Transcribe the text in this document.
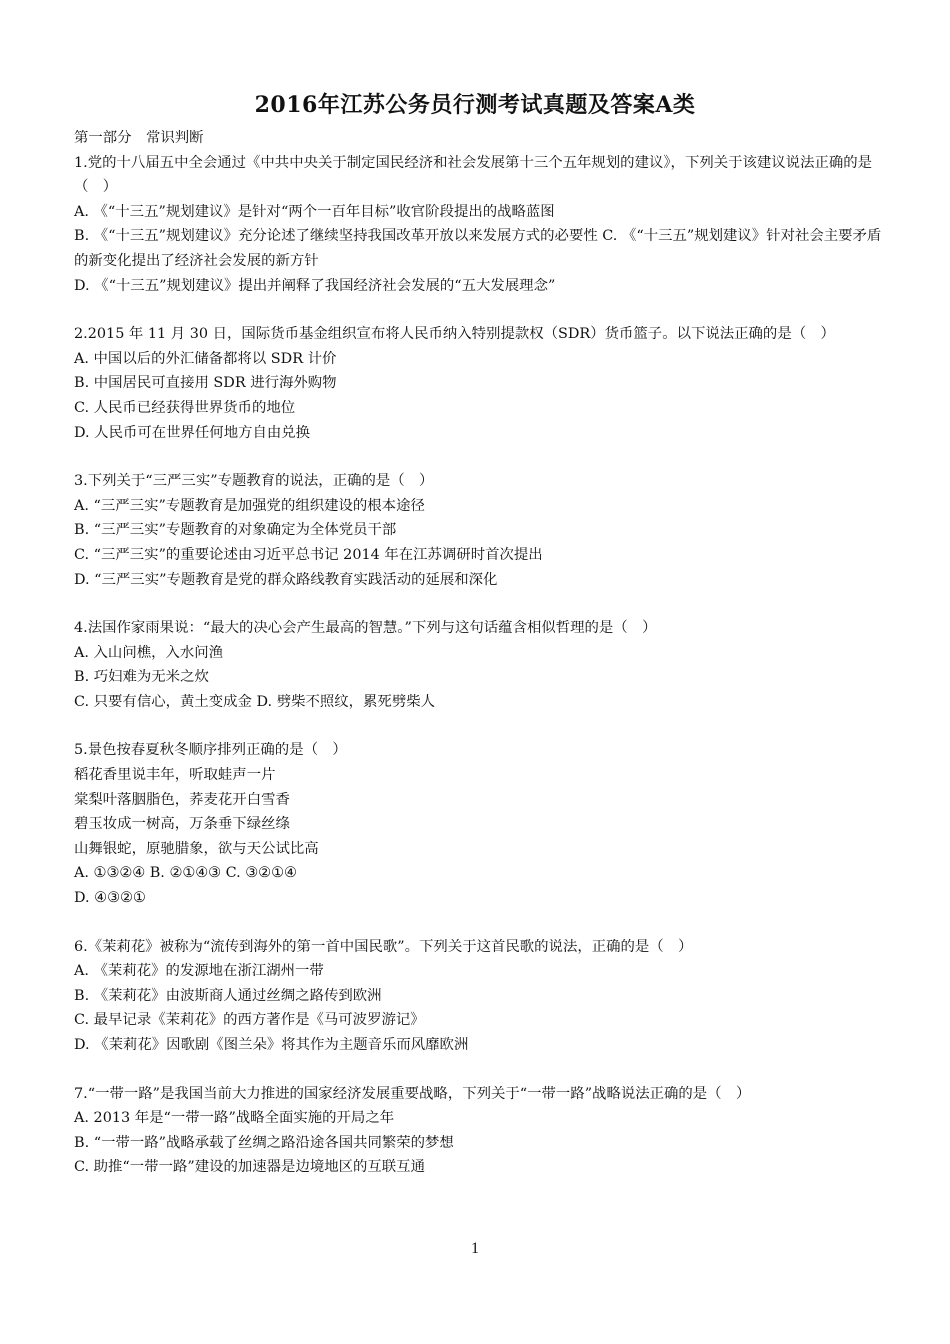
2016年江苏公务员行测考试真题及答案A类
第一部分　常识判断
1.党的十八届五中全会通过《中共中央关于制定国民经济和社会发展第十三个五年规划的建议》，下列关于该建议说法正确的是（　）
A. 《“十三五”规划建议》是针对“两个一百年目标”收官阶段提出的战略蓝图
B. 《“十三五”规划建议》充分论述了继续坚持我国改革开放以来发展方式的必要性 C. 《“十三五”规划建议》针对社会主要矛盾的新变化提出了经济社会发展的新方针
D. 《“十三五”规划建议》提出并阐释了我国经济社会发展的“五大发展理念”
2.2015 年 11 月 30 日，国际货币基金组织宣布将人民币纳入特别提款权（SDR）货币篮子。以下说法正确的是（　）
A. 中国以后的外汇储备都将以 SDR 计价
B. 中国居民可直接用 SDR 进行海外购物
C. 人民币已经获得世界货币的地位
D. 人民币可在世界任何地方自由兑换
3.下列关于“三严三实”专题教育的说法，正确的是（　）
A. “三严三实”专题教育是加强党的组织建设的根本途径
B. “三严三实”专题教育的对象确定为全体党员干部
C. “三严三实”的重要论述由习近平总书记 2014 年在江苏调研时首次提出
D. “三严三实”专题教育是党的群众路线教育实践活动的延展和深化
4.法国作家雨果说：“最大的决心会产生最高的智慧。”下列与这句话蕴含相似哲理的是（　）
A. 入山问樵，入水问渔
B. 巧妇难为无米之炊
C. 只要有信心，黄土变成金 D. 劈柴不照纹，累死劈柴人
5.景色按春夏秋冬顺序排列正确的是（　）
稻花香里说丰年，听取蛙声一片
棠梨叶落胭脂色，荞麦花开白雪香
碧玉妆成一树高，万条垂下绿丝绦
山舞银蛇，原驰腊象，欲与天公试比高
A. ①③②④ B. ②①④③ C. ③②①④
D. ④③②①
6.《茉莉花》被称为“流传到海外的第一首中国民歌”。下列关于这首民歌的说法，正确的是（　）
A. 《茉莉花》的发源地在浙江湖州一带
B. 《茉莉花》由波斯商人通过丝绸之路传到欧洲
C. 最早记录《茉莉花》的西方著作是《马可波罗游记》
D. 《茉莉花》因歌剧《图兰朵》将其作为主题音乐而风靡欧洲
7.“一带一路”是我国当前大力推进的国家经济发展重要战略，下列关于“一带一路”战略说法正确的是（　）
A. 2013 年是“一带一路”战略全面实施的开局之年
B. “一带一路”战略承载了丝绸之路沿途各国共同繁荣的梦想
C. 助推“一带一路”建设的加速器是边境地区的互联互通
1
